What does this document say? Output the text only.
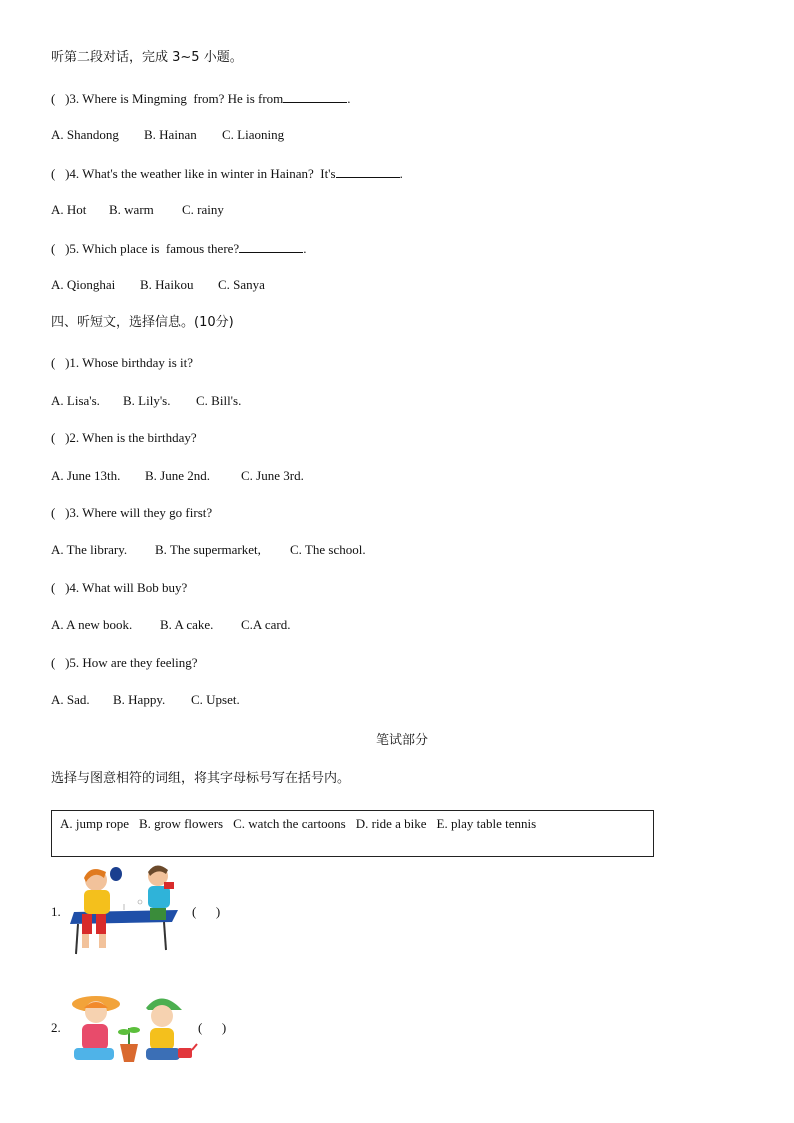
听第二段对话，完成 3~5 小题。
(   )3. Where is Mingming  from? He is from	.
A. Shandong B. Hainan C. Liaoning
(   )4. What's the weather like in winter in Hainan?  It's	.
A. Hot B. warm C. rainy
(   )5. Which place is  famous there?	.
A. Qionghai B. Haikou C. Sanya
四、听短文，选择信息。(10分)
(   )1. Whose birthday is it?
A. Lisa's. B. Lily's. C. Bill's.
(   )2. When is the birthday?
A. June 13th. B. June 2nd. C. June 3rd.
(   )3. Where will they go first?
A. The library. B. The supermarket, C. The school.
(   )4. What will Bob buy?
A. A new book. B. A cake. C.A card.
(   )5. How are they feeling?
A. Sad. B. Happy. C. Upset.
笔试部分
选择与图意相符的词组，将其字母标号写在括号内。
A. jump rope B. grow flowers C. watch the cartoons D. ride a bike E. play table tennis
1.	(      )
2.	(      )
